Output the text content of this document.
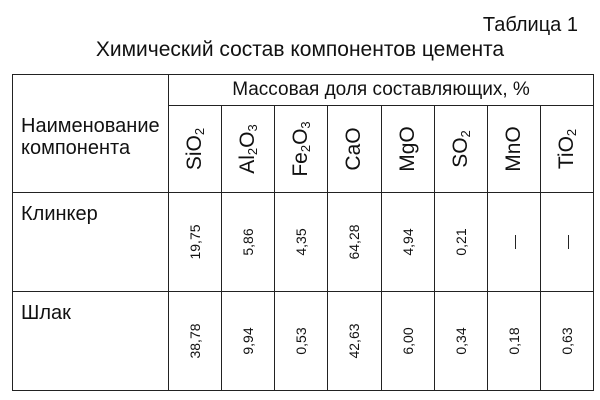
Таблица 1
Химический состав компонентов цемента
Наименование компонента	Массовая доля составляющих, %							

	SiO$_2$	$Al_2O_3$	$Fe_2O_3$	CaO	MgO	$SO_2$	MnO	TiO$_2$

Клинкер	19,75	5,86	4,35	64,28	4,94	0,21	—	—

Шлак	38,78	9,94	0,53	42,63	6,00	0,34	0,18	0,63
